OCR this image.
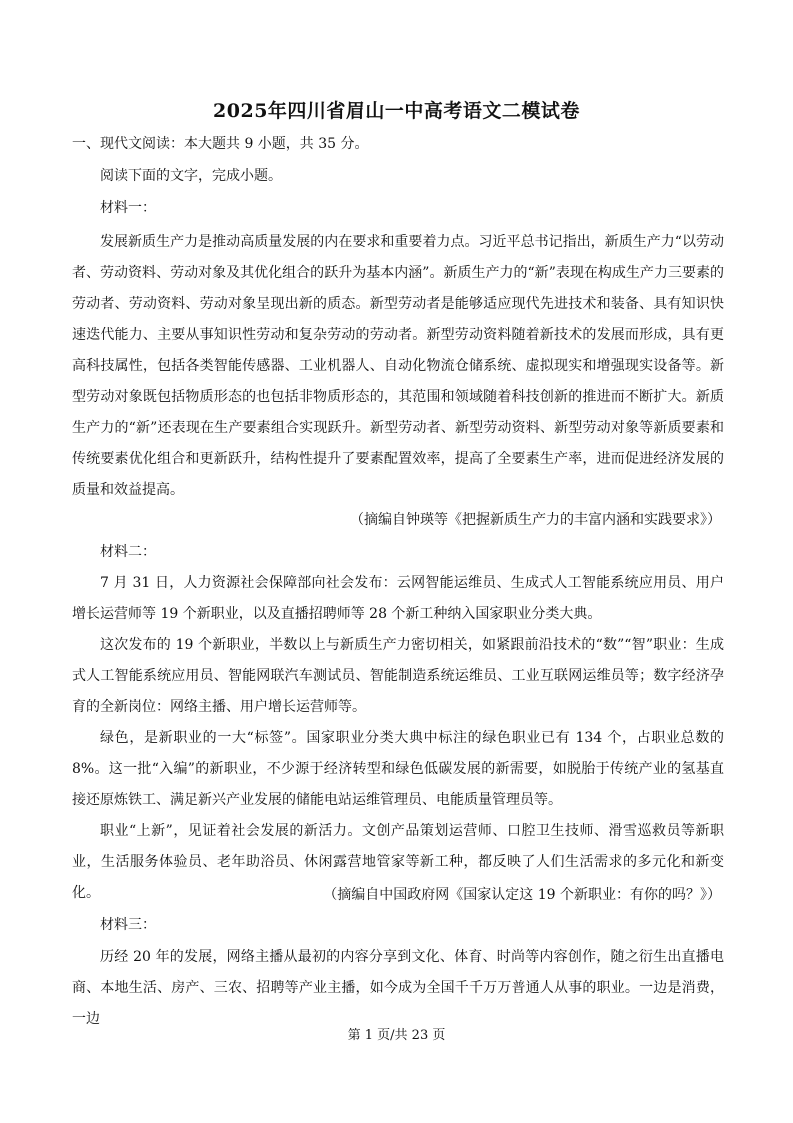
2025年四川省眉山一中高考语文二模试卷
一、现代文阅读：本大题共 9 小题，共 35 分。
阅读下面的文字，完成小题。
材料一：
发展新质生产力是推动高质量发展的内在要求和重要着力点。习近平总书记指出，新质生产力“以劳动者、劳动资料、劳动对象及其优化组合的跃升为基本内涵”。新质生产力的“新”表现在构成生产力三要素的劳动者、劳动资料、劳动对象呈现出新的质态。新型劳动者是能够适应现代先进技术和装备、具有知识快速迭代能力、主要从事知识性劳动和复杂劳动的劳动者。新型劳动资料随着新技术的发展而形成，具有更高科技属性，包括各类智能传感器、工业机器人、自动化物流仓储系统、虚拟现实和增强现实设备等。新型劳动对象既包括物质形态的也包括非物质形态的，其范围和领域随着科技创新的推进而不断扩大。新质生产力的“新”还表现在生产要素组合实现跃升。新型劳动者、新型劳动资料、新型劳动对象等新质要素和传统要素优化组合和更新跃升，结构性提升了要素配置效率，提高了全要素生产率，进而促进经济发展的质量和效益提高。
（摘编自钟瑛等《把握新质生产力的丰富内涵和实践要求》）
材料二：
7 月 31 日，人力资源社会保障部向社会发布：云网智能运维员、生成式人工智能系统应用员、用户增长运营师等 19 个新职业，以及直播招聘师等 28 个新工种纳入国家职业分类大典。
这次发布的 19 个新职业，半数以上与新质生产力密切相关，如紧跟前沿技术的“数”“智”职业：生成式人工智能系统应用员、智能网联汽车测试员、智能制造系统运维员、工业互联网运维员等；数字经济孕育的全新岗位：网络主播、用户增长运营师等。
绿色，是新职业的一大“标签”。国家职业分类大典中标注的绿色职业已有 134 个，占职业总数的 8%。这一批“入编”的新职业，不少源于经济转型和绿色低碳发展的新需要，如脱胎于传统产业的氢基直接还原炼铁工、满足新兴产业发展的储能电站运维管理员、电能质量管理员等。
职业“上新”，见证着社会发展的新活力。文创产品策划运营师、口腔卫生技师、滑雪巡救员等新职业，生活服务体验员、老年助浴员、休闲露营地管家等新工种，都反映了人们生活需求的多元化和新变化。	（摘编自中国政府网《国家认定这 19 个新职业：有你的吗？》）
材料三：
历经 20 年的发展，网络主播从最初的内容分享到文化、体育、时尚等内容创作，随之衍生出直播电商、本地生活、房产、三农、招聘等产业主播，如今成为全国千千万万普通人从事的职业。一边是消费，一边
第 1 页/共 23 页
